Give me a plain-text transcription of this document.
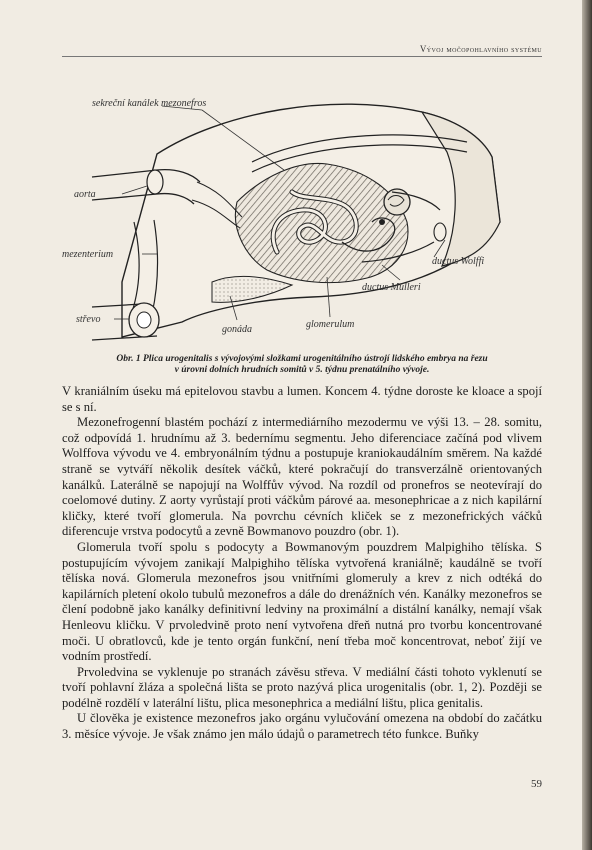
Vývoj močopohlavního systému
sekreční kanálek mezonefros
aorta
mezenterium
střevo
gonáda	glomerulum
ductus Mülleri
ductus Wolffi
Obr. 1 Plica urogenitalis s vývojovými složkami urogenitálního ústrojí lidského embrya na řezu
v úrovni dolních hrudních somitů v 5. týdnu prenatálního vývoje.

V kraniálním úseku má epitelovou stavbu a lumen. Koncem 4. týdne doroste ke kloace a spojí se s ní.

Mezonefrogenní blastém pochází z intermediárního mezodermu ve výši 13. – 28. somitu, což odpovídá 1. hrudnímu až 3. bedernímu segmentu. Jeho diferenciace začíná pod vlivem Wolffova vývodu ve 4. embryonálním týdnu a postupuje kraniokaudálním směrem. Na každé straně se vytváří několik desítek váčků, které pokračují do transverzálně orientovaných kanálků. Laterálně se napojují na Wolffův vývod. Na rozdíl od pronefros se neotevírají do coelomové dutiny. Z aorty vyrůstají proti váčkům párové aa. mesonephricae a z nich kapilární kličky, které tvoří glomerula. Na povrchu cévních kliček se z mezonefrických váčků diferencuje vrstva podocytů a zevně Bowmanovo pouzdro (obr. 1).

Glomerula tvoří spolu s podocyty a Bowmanovým pouzdrem Malpighiho tělíska. S postupujícím vývojem zanikají Malpighiho tělíska vytvořená kraniálně; kaudálně se tvoří tělíska nová. Glomerula mezonefros jsou vnitřními glomeruly a krev z nich odtéká do kapilárních pletení okolo tubulů mezonefros a dále do drenážních vén. Kanálky mezonefros se člení podobně jako kanálky definitivní ledviny na proximální a distální kanálky, nemají však Henleovu kličku. V prvoledvině proto není vytvořena dřeň nutná pro tvorbu koncentrované moči. U obratlovců, kde je tento orgán funkční, není třeba moč koncentrovat, neboť žijí ve vodním prostředí.

Prvoledvina se vyklenuje po stranách závěsu střeva. V mediální části tohoto vyklenutí se tvoří pohlavní žláza a společná lišta se proto nazývá plica urogenitalis (obr. 1, 2). Později se podélně rozdělí v laterální lištu, plica mesonephrica a mediální lištu, plica genitalis.

U člověka je existence mezonefros jako orgánu vylučování omezena na období do začátku 3. měsíce vývoje. Je však známo jen málo údajů o parametrech této funkce. Buňky

59
